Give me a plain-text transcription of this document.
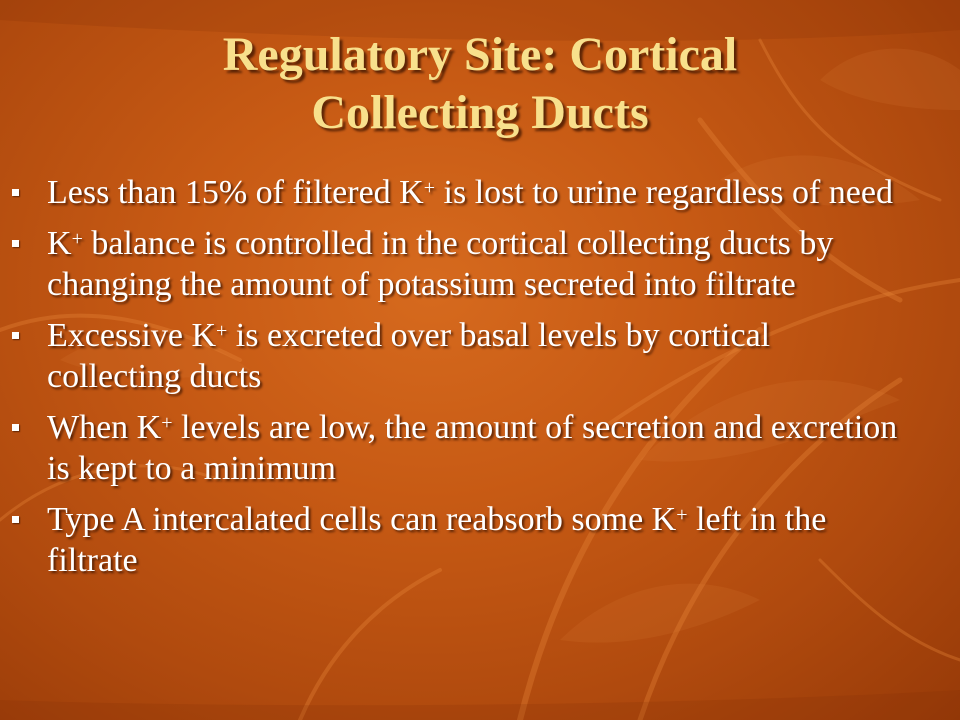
Regulatory Site: Cortical
Collecting Ducts
Less than 15% of filtered K+ is lost to urine regardless of need
K+ balance is controlled in the cortical collecting ducts by changing the amount of potassium secreted into filtrate
Excessive K+ is excreted over basal levels by cortical collecting ducts
When K+ levels are low, the amount of secretion and excretion is kept to a minimum
Type A intercalated cells can reabsorb some K+ left in the filtrate
